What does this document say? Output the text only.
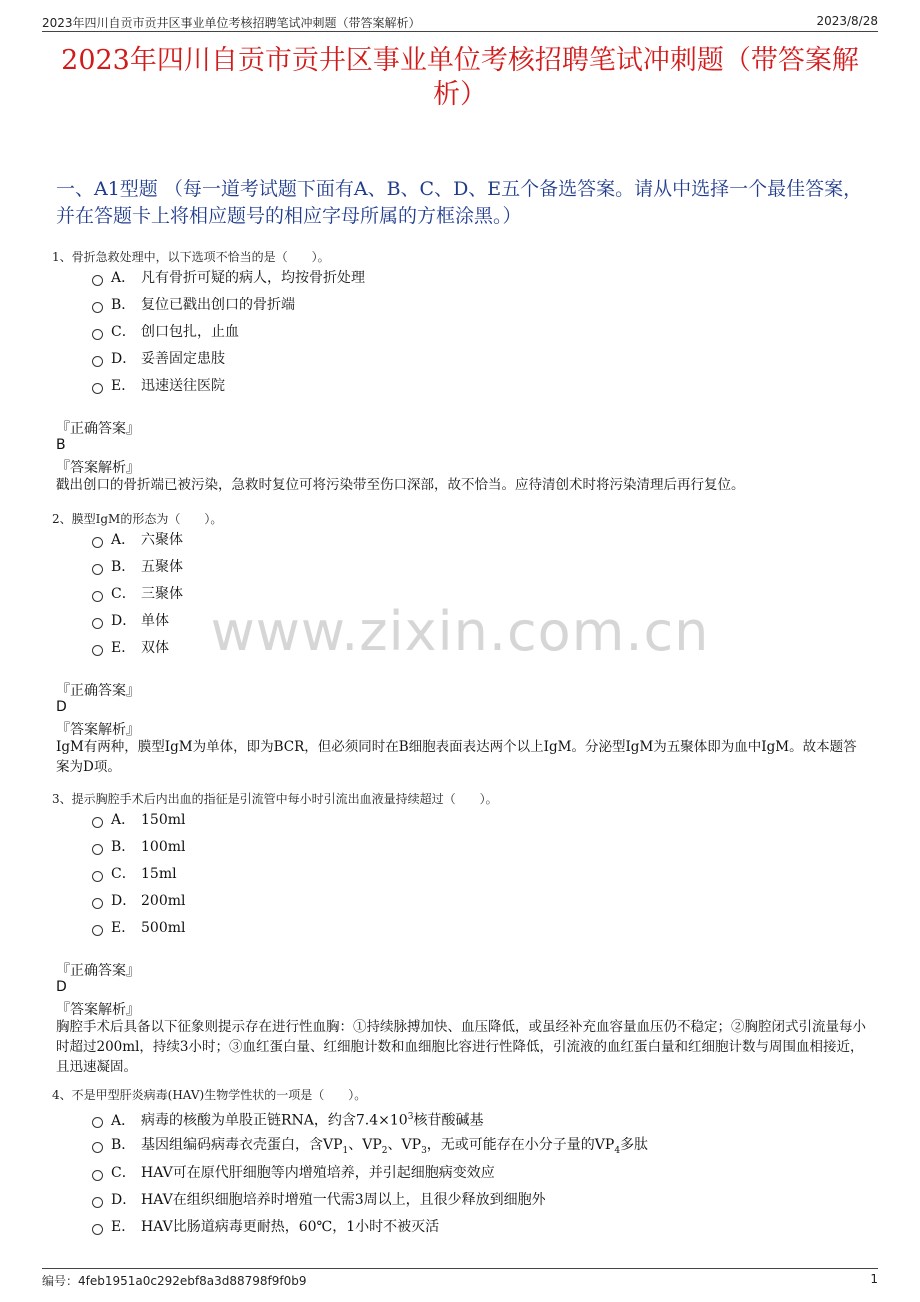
2023年四川自贡市贡井区事业单位考核招聘笔试冲刺题（带答案解析）	2023/8/28
2023年四川自贡市贡井区事业单位考核招聘笔试冲刺题（带答案解析）
一、A1型题 （每一道考试题下面有A、B、C、D、E五个备选答案。请从中选择一个最佳答案，并在答题卡上将相应题号的相应字母所属的方框涂黑。）
www.zixin.com.cn
1、骨折急救处理中，以下选项不恰当的是（　　）。
A． 凡有骨折可疑的病人，均按骨折处理
B． 复位已戳出创口的骨折端
C． 创口包扎，止血
D． 妥善固定患肢
E． 迅速送往医院
『正确答案』
B
『答案解析』
戳出创口的骨折端已被污染，急救时复位可将污染带至伤口深部，故不恰当。应待清创术时将污染清理后再行复位。
2、膜型IgM的形态为（　　）。
A． 六聚体
B． 五聚体
C． 三聚体
D． 单体
E． 双体
『正确答案』
D
『答案解析』
IgM有两种，膜型IgM为单体，即为BCR，但必须同时在B细胞表面表达两个以上IgM。分泌型IgM为五聚体即为血中IgM。故本题答案为D项。
3、提示胸腔手术后内出血的指征是引流管中每小时引流出血液量持续超过（　　）。
A． 150ml
B． 100ml
C． 15ml
D． 200ml
E． 500ml
『正确答案』
D
『答案解析』
胸腔手术后具备以下征象则提示存在进行性血胸：①持续脉搏加快、血压降低，或虽经补充血容量血压仍不稳定；②胸腔闭式引流量每小时超过200ml，持续3小时；③血红蛋白量、红细胞计数和血细胞比容进行性降低，引流液的血红蛋白量和红细胞计数与周围血相接近，且迅速凝固。
4、不是甲型肝炎病毒(HAV)生物学性状的一项是（　　）。
A． 病毒的核酸为单股正链RNA，约含$7.4\times 10^3$核苷酸碱基
B． 基因组编码病毒衣壳蛋白，含$VP_1$、$VP_2$、$VP_3$，无或可能存在小分子量的$VP_4$多肽
C． HAV可在原代肝细胞等内增殖培养，并引起细胞病变效应
D． HAV在组织细胞培养时增殖一代需3周以上，且很少释放到细胞外
E． HAV比肠道病毒更耐热，60℃，1小时不被灭活
编号：4feb1951a0c292ebf8a3d88798f9f0b9	1
